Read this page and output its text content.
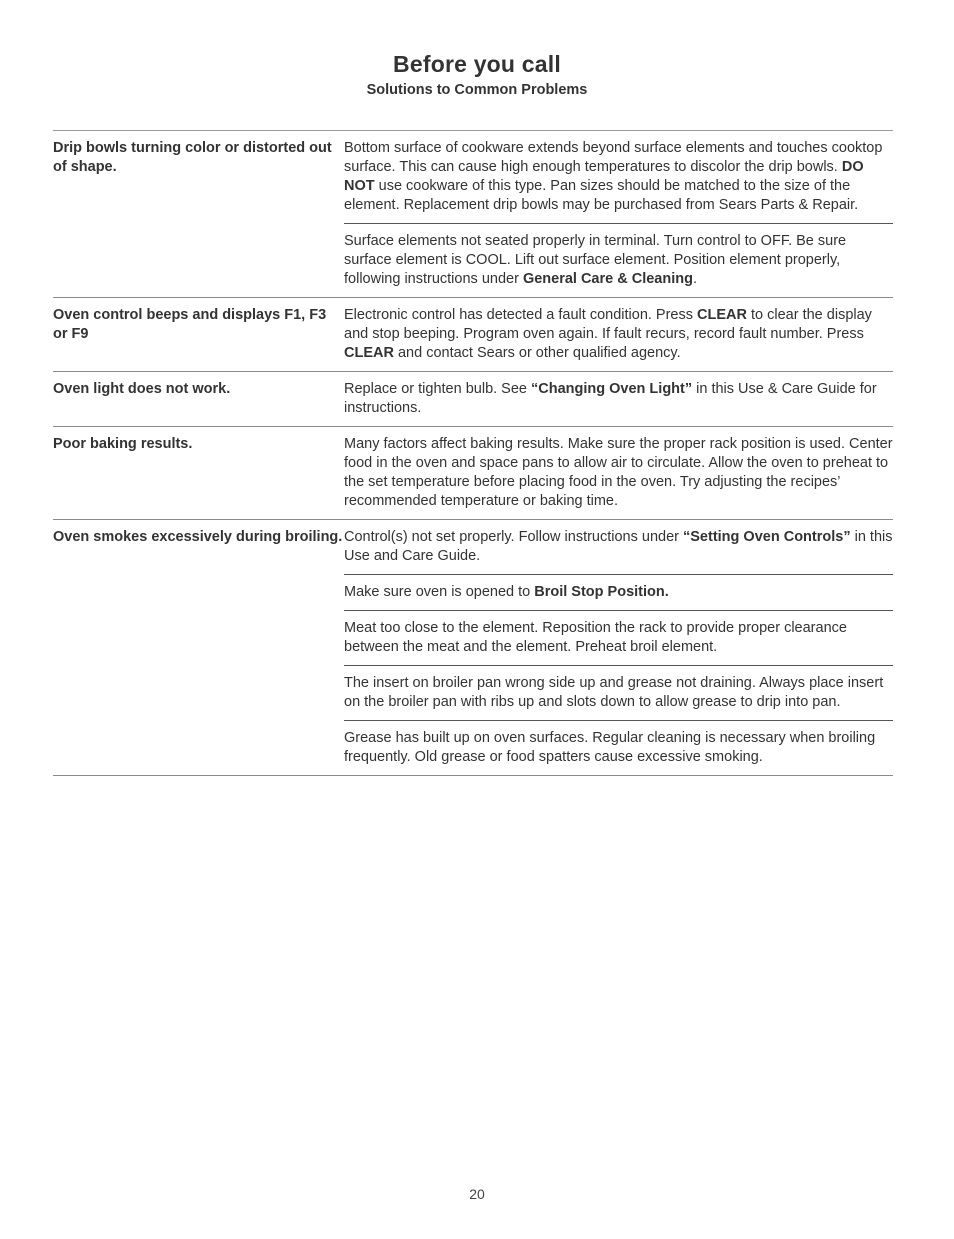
Before you call
Solutions to Common Problems
Drip bowls turning color or distorted out of shape.
Bottom surface of cookware extends beyond surface elements and touches cooktop surface. This can cause high enough temperatures to discolor the drip bowls. DO NOT use cookware of this type. Pan sizes should be matched to the size of the element. Replacement drip bowls may be purchased from Sears Parts & Repair.
Surface elements not seated properly in terminal. Turn control to OFF. Be sure surface element is COOL. Lift out surface element. Position element properly, following instructions under General Care & Cleaning.
Oven control beeps and displays F1, F3 or F9
Electronic control has detected a fault condition. Press CLEAR to clear the display and stop beeping. Program oven again. If fault recurs, record fault number. Press CLEAR and contact Sears or other qualified agency.
Oven light does not work.	Replace or tighten bulb. See “Changing Oven Light” in this Use & Care Guide for instructions.
Poor baking results.	Many factors affect baking results. Make sure the proper rack position is used. Center food in the oven and space pans to allow air to circulate. Allow the oven to preheat to the set temperature before placing food in the oven. Try adjusting the recipes’ recommended temperature or baking time.
Oven smokes excessively during broiling. Control(s) not set properly. Follow instructions under “Setting Oven Controls” in this Use and Care Guide.
Make sure oven is opened to Broil Stop Position.
Meat too close to the element. Reposition the rack to provide proper clearance between the meat and the element. Preheat broil element.
The insert on broiler pan wrong side up and grease not draining. Always place insert on the broiler pan with ribs up and slots down to allow grease to drip into pan.
Grease has built up on oven surfaces. Regular cleaning is necessary when broiling frequently. Old grease or food spatters cause excessive smoking.
20
